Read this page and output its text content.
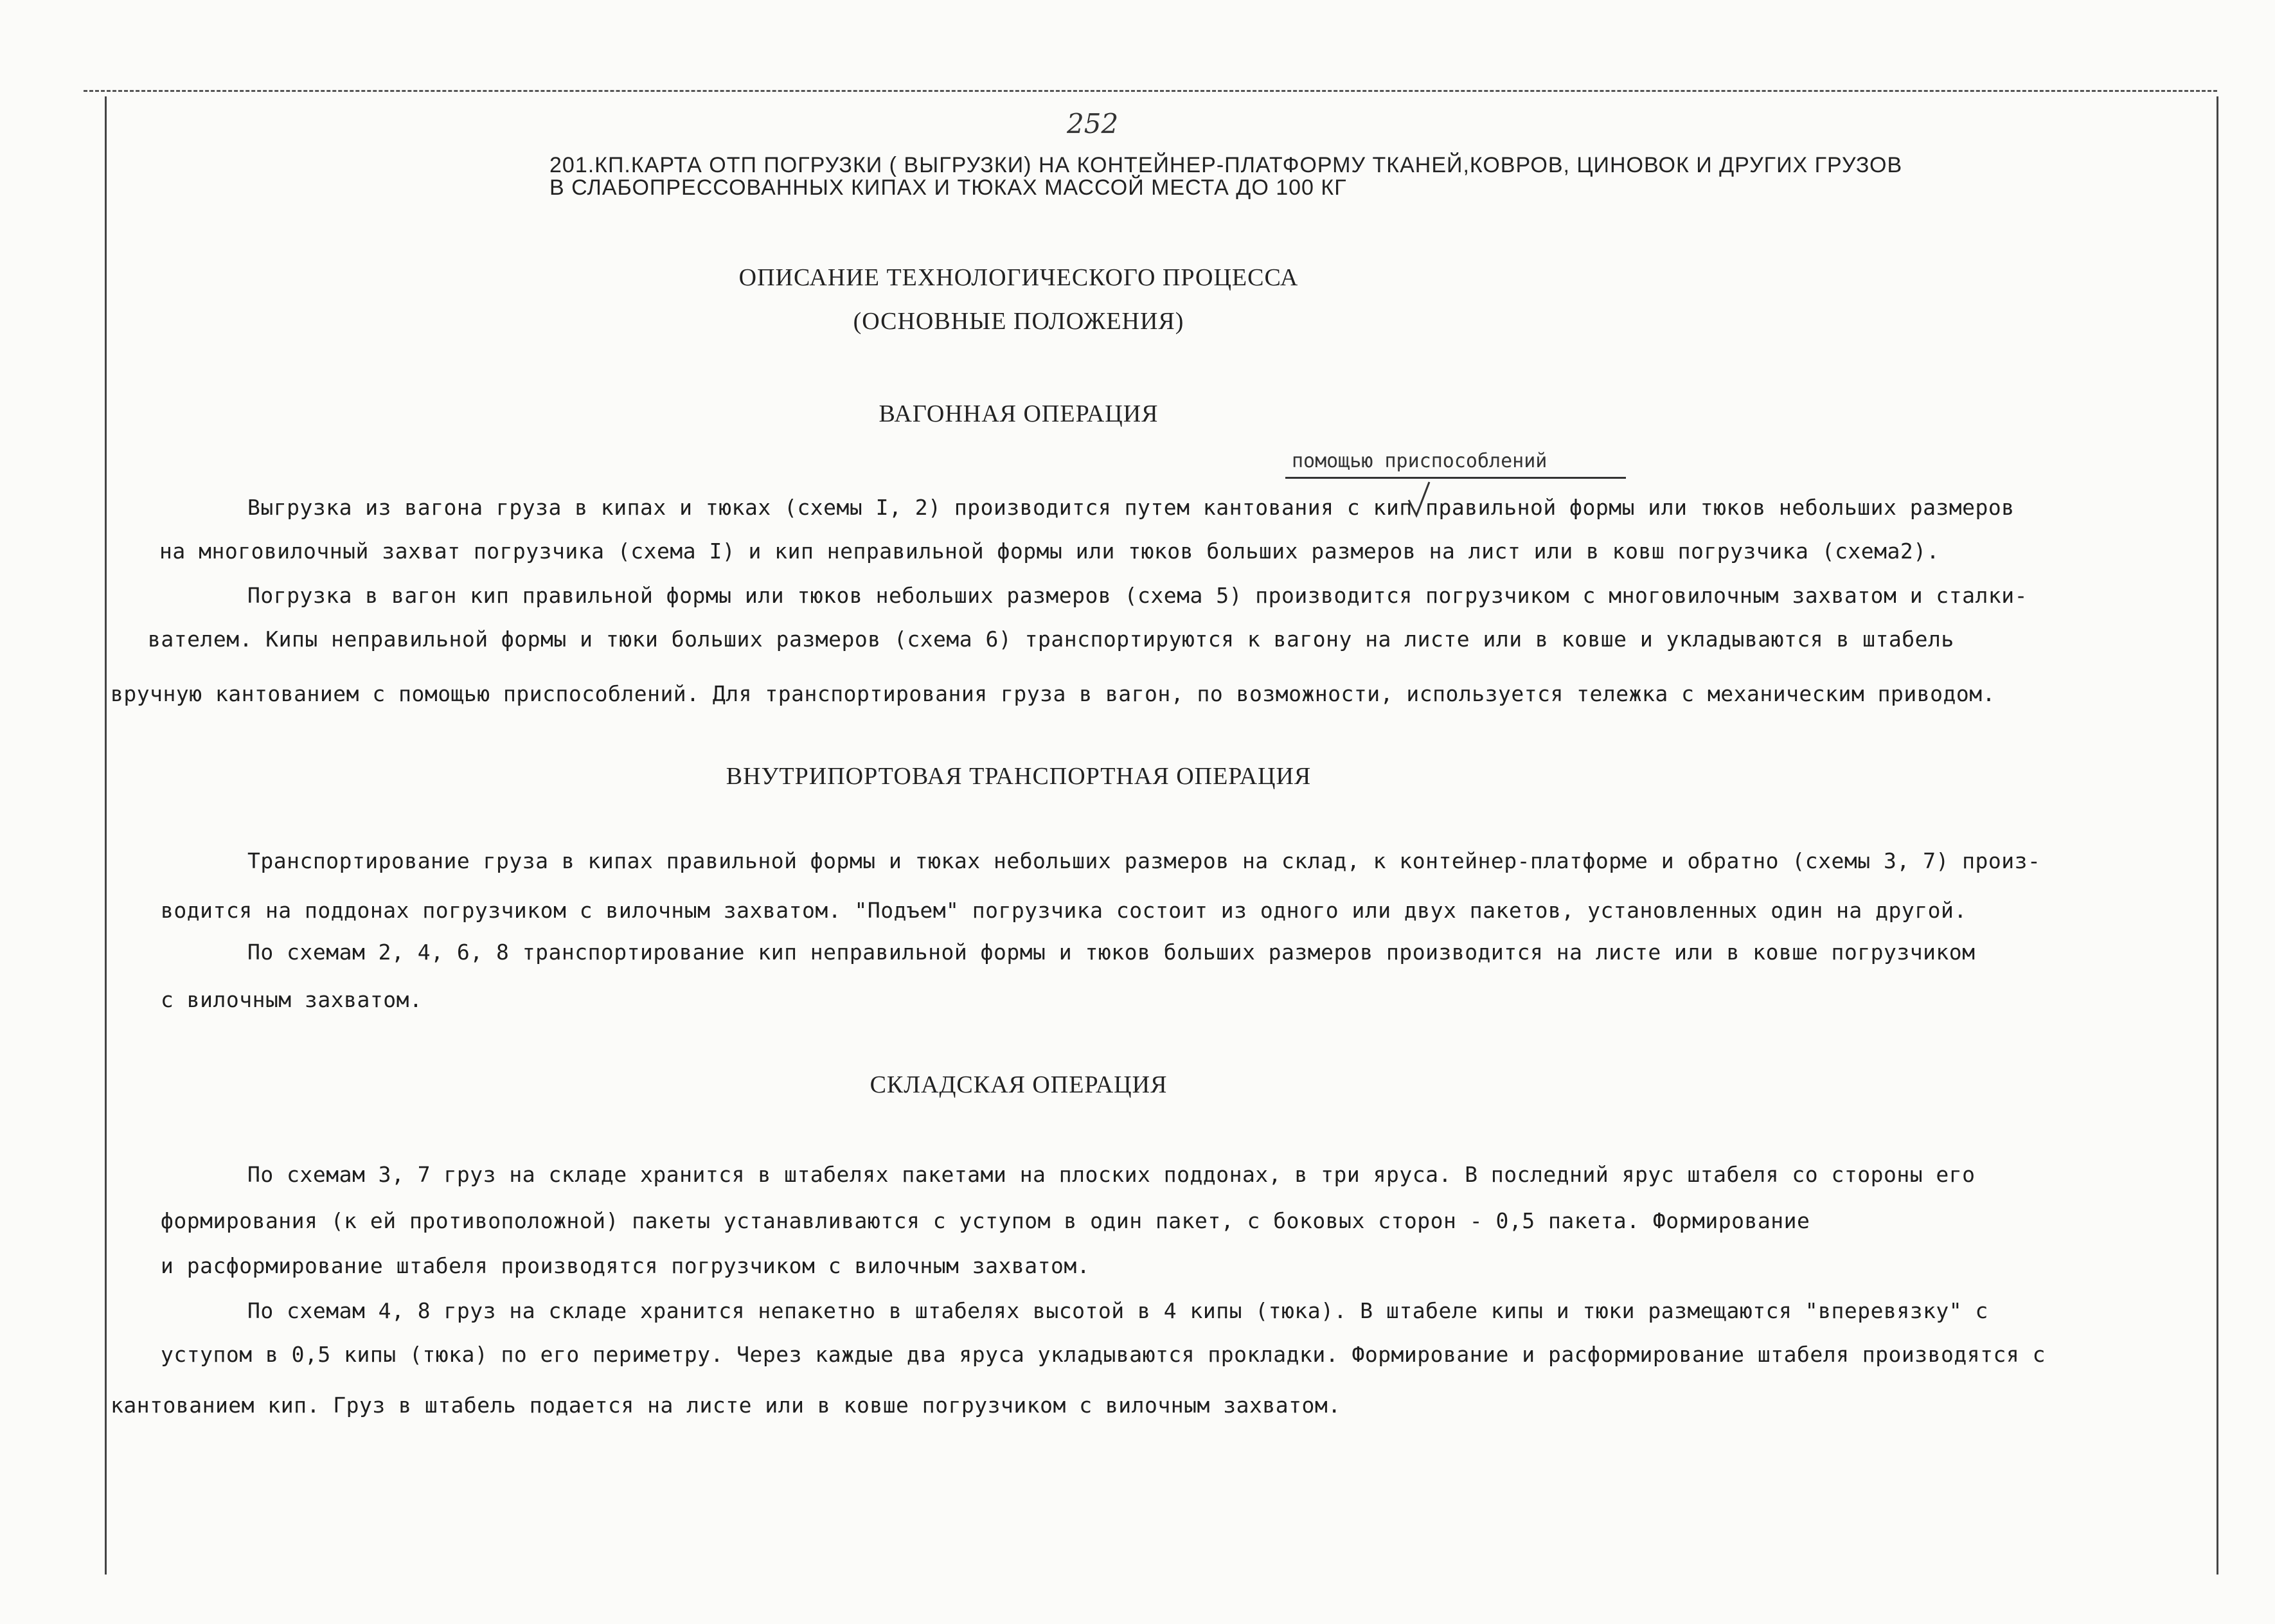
252
201.КП.КАРТА ОТП ПОГРУЗКИ ( ВЫГРУЗКИ) НА КОНТЕЙНЕР-ПЛАТФОРМУ ТКАНЕЙ,КОВРОВ, ЦИНОВОК И ДРУГИХ ГРУЗОВ
В СЛАБОПРЕССОВАННЫХ КИПАХ И ТЮКАХ МАССОЙ МЕСТА ДО 100 КГ
ОПИСАНИЕ ТЕХНОЛОГИЧЕСКОГО ПРОЦЕССА
(ОСНОВНЫЕ ПОЛОЖЕНИЯ)
ВАГОННАЯ ОПЕРАЦИЯ
помощью приспособлений
Выгрузка из вагона груза в кипах и тюках (схемы I, 2) производится путем кантования с кип правильной формы или тюков небольших размеров
на многовилочный захват погрузчика (схема I) и кип неправильной формы или тюков больших размеров на лист или в ковш погрузчика (схема2).
Погрузка в вагон кип правильной формы или тюков небольших размеров (схема 5) производится погрузчиком с многовилочным захватом и сталки-
вателем. Кипы неправильной формы и тюки больших размеров (схема 6) транспортируются к вагону на листе или в ковше и укладываются в штабель
вручную кантованием с помощью приспособлений. Для транспортирования груза в вагон, по возможности, используется тележка с механическим приводом.
ВНУТРИПОРТОВАЯ ТРАНСПОРТНАЯ ОПЕРАЦИЯ
Транспортирование груза в кипах правильной формы и тюках небольших размеров на склад, к контейнер-платформе и обратно (схемы 3, 7) произ-
водится на поддонах погрузчиком с вилочным захватом. "Подъем" погрузчика состоит из одного или двух пакетов, установленных один на другой.
По схемам 2, 4, 6, 8 транспортирование кип неправильной формы и тюков больших размеров производится на листе или в ковше погрузчиком
с вилочным захватом.
СКЛАДСКАЯ ОПЕРАЦИЯ
По схемам 3, 7 груз на складе хранится в штабелях пакетами на плоских поддонах, в три яруса. В последний ярус штабеля со стороны его
формирования (к ей противоположной) пакеты устанавливаются с уступом в один пакет, с боковых сторон - 0,5 пакета. Формирование
и расформирование штабеля производятся погрузчиком с вилочным захватом.
По схемам 4, 8 груз на складе хранится непакетно в штабелях высотой в 4 кипы (тюка). В штабеле кипы и тюки размещаются "вперевязку" с
уступом в 0,5 кипы (тюка) по его периметру. Через каждые два яруса укладываются прокладки. Формирование и расформирование штабеля производятся с
кантованием кип. Груз в штабель подается на листе или в ковше погрузчиком с вилочным захватом.
